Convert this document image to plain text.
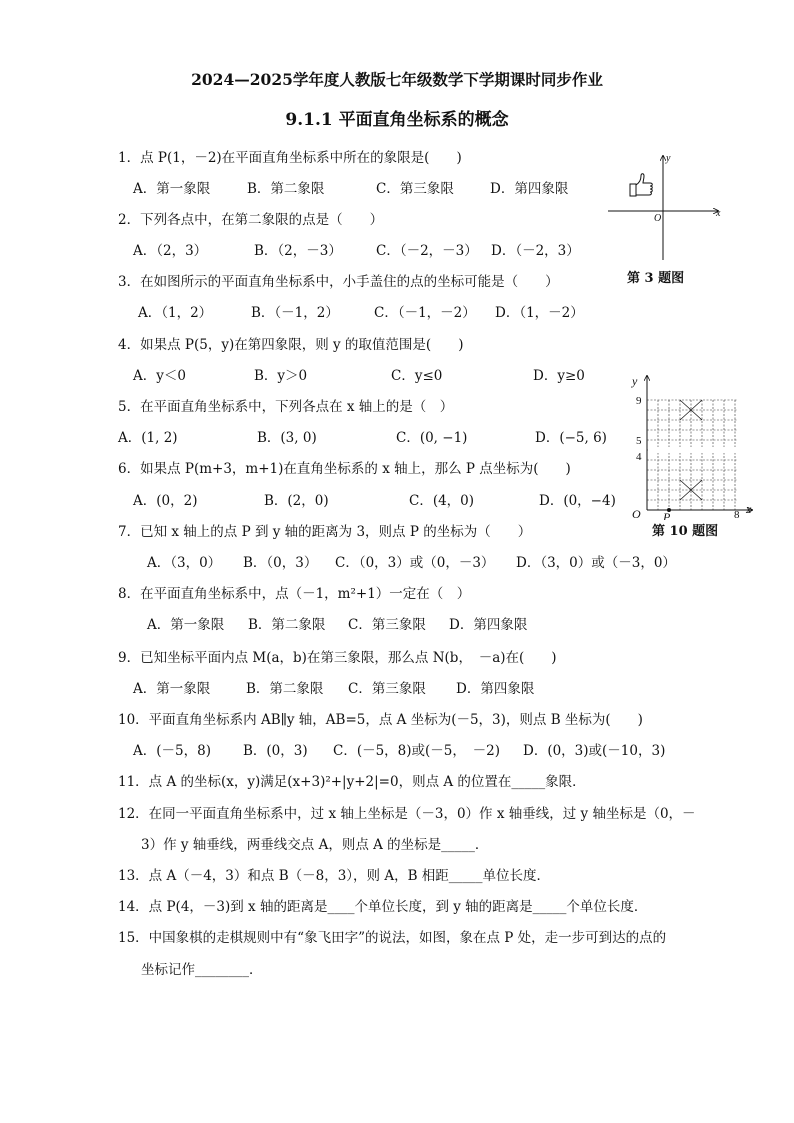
2024—2025学年度人教版七年级数学下学期课时同步作业
9.1.1 平面直角坐标系的概念
1．点 P(1，－2)在平面直角坐标系中所在的象限是(　　)
A．第一象限	B．第二象限	C．第三象限	D．第四象限
2．下列各点中，在第二象限的点是（　　）
A．（2，3）	B．（2，－3）	C．（－2，－3） D．（－2，3）
3．在如图所示的平面直角坐标系中，小手盖住的点的坐标可能是（　　）
A．（1，2）	B．（－1，2）	C．（－1，－2） D．（1，－2）
4．如果点 P(5，y)在第四象限，则 y 的取值范围是(　　)
A．y＜0	B．y＞0	C．y≤0	D．y≥0
5．在平面直角坐标系中，下列各点在 x 轴上的是（　）
A．(1, 2)	B．(3, 0)	C．(0, −1)	D．(−5, 6)
6．如果点 P(m+3，m+1)在直角坐标系的 x 轴上，那么 P 点坐标为(　　)
A．(0，2)	B．(2，0)	C．(4，0)	D．(0，−4)
7．已知 x 轴上的点 P 到 y 轴的距离为 3，则点 P 的坐标为（　　）
A．（3，0） B．（0，3） C．（0，3）或（0，－3） D．（3，0）或（－3，0）
8．在平面直角坐标系中，点（－1，m²+1）一定在（　）
A．第一象限 B．第二象限 C．第三象限 D．第四象限
9．已知坐标平面内点 M(a，b)在第三象限，那么点 N(b，　－a)在(　　)
A．第一象限	B．第二象限 C．第三象限 D．第四象限
10．平面直角坐标系内 AB∥y 轴，AB=5，点 A 坐标为(－5，3)，则点 B 坐标为(　　)
A．(－5，8) B．(0，3) C．(－5，8)或(－5，　－2) D．(0，3)或(－10，3)
11．点 A 的坐标(x，y)满足(x+3)²+|y+2|=0，则点 A 的位置在_____象限．
12．在同一平面直角坐标系中，过 x 轴上坐标是（－3，0）作 x 轴垂线，过 y 轴坐标是（0，－
3）作 y 轴垂线，两垂线交点 A，则点 A 的坐标是_____．
13．点 A（－4，3）和点 B（－8，3），则 A，B 相距_____单位长度．
14．点 P(4，－3)到 x 轴的距离是____个单位长度，到 y 轴的距离是_____个单位长度．
15．中国象棋的走棋规则中有“象飞田字”的说法，如图，象在点 P 处，走一步可到达的点的
坐标记作________．
x
y
O
第 3 题图
y
x
O P
9
5
4
8
第 10 题图
